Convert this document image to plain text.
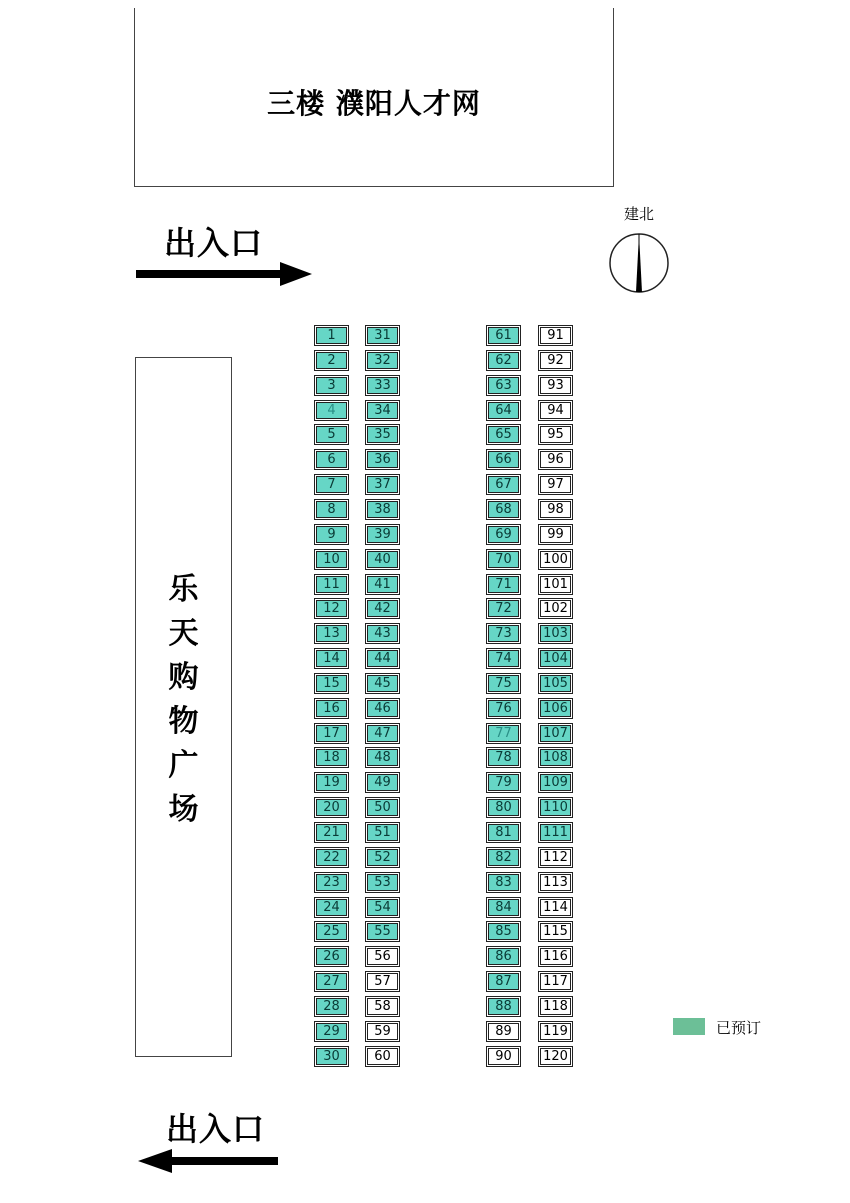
三楼 濮阳人才网
出入口
建北
乐天购物广场
1
2
3
4
5
6
7
8
9
10
11
12
13
14
15
16
17
18
19
20
21
22
23
24
25
26
27
28
29
30
31
32
33
34
35
36
37
38
39
40
41
42
43
44
45
46
47
48
49
50
51
52
53
54
55
56
57
58
59
60
61
62
63
64
65
66
67
68
69
70
71
72
73
74
75
76
77
78
79
80
81
82
83
84
85
86
87
88
89
90
91
92
93
94
95
96
97
98
99
100
101
102
103
104
105
106
107
108
109
110
111
112
113
114
115
116
117
118
119
120
已预订
出入口
